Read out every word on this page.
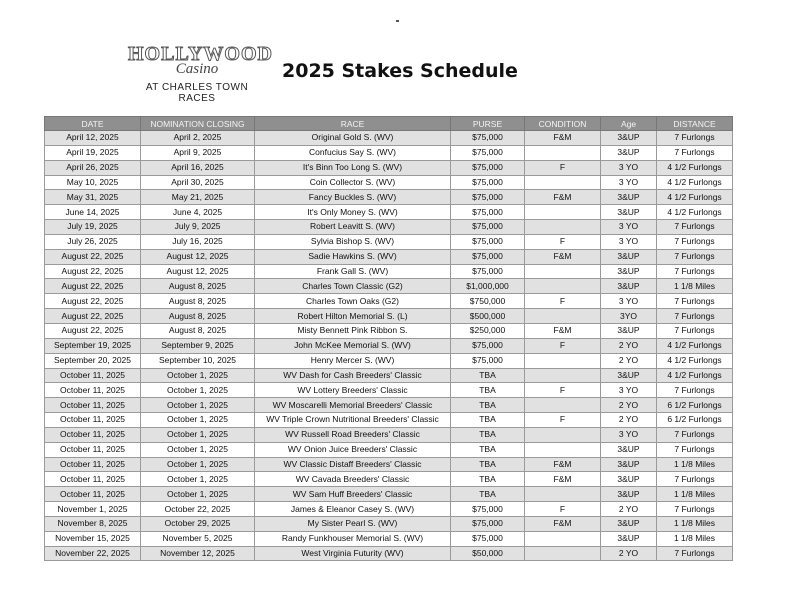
HOLLYWOOD
Casino
AT CHARLES TOWN RACES
2025 Stakes Schedule
DATE	NOMINATION CLOSING	RACE	PURSE	CONDITION	Age	DISTANCE
April 12, 2025	April 2, 2025	Original Gold S. (WV)	$75,000	F&M	3&UP	7 Furlongs
April 19, 2025	April 9, 2025	Confucius Say S. (WV)	$75,000		3&UP	7 Furlongs
April 26, 2025	April 16, 2025	It's Binn Too Long S. (WV)	$75,000	F	3 YO	4 1/2 Furlongs
May 10, 2025	April 30, 2025	Coin Collector S. (WV)	$75,000		3 YO	4 1/2 Furlongs
May 31, 2025	May 21, 2025	Fancy Buckles S. (WV)	$75,000	F&M	3&UP	4 1/2 Furlongs
June 14, 2025	June 4, 2025	It's Only Money S. (WV)	$75,000		3&UP	4 1/2 Furlongs
July 19, 2025	July 9, 2025	Robert Leavitt S. (WV)	$75,000		3 YO	7 Furlongs
July 26, 2025	July 16, 2025	Sylvia Bishop S. (WV)	$75,000	F	3 YO	7 Furlongs
August 22, 2025	August 12, 2025	Sadie Hawkins S. (WV)	$75,000	F&M	3&UP	7 Furlongs
August 22, 2025	August 12, 2025	Frank Gall S. (WV)	$75,000		3&UP	7 Furlongs
August 22, 2025	August 8, 2025	Charles Town Classic (G2)	$1,000,000		3&UP	1 1/8 Miles
August 22, 2025	August 8, 2025	Charles Town Oaks (G2)	$750,000	F	3 YO	7 Furlongs
August 22, 2025	August 8, 2025	Robert Hilton Memorial S. (L)	$500,000		3YO	7 Furlongs
August 22, 2025	August 8, 2025	Misty Bennett Pink Ribbon S.	$250,000	F&M	3&UP	7 Furlongs
September 19, 2025	September 9, 2025	John McKee Memorial S. (WV)	$75,000	F	2 YO	4 1/2 Furlongs
September 20, 2025	September 10, 2025	Henry Mercer S. (WV)	$75,000		2 YO	4 1/2 Furlongs
October 11, 2025	October 1, 2025	WV Dash for Cash Breeders' Classic	TBA		3&UP	4 1/2 Furlongs
October 11, 2025	October 1, 2025	WV Lottery Breeders' Classic	TBA	F	3 YO	7 Furlongs
October 11, 2025	October 1, 2025	WV Moscarelli Memorial Breeders' Classic	TBA		2 YO	6 1/2 Furlongs
October 11, 2025	October 1, 2025	WV Triple Crown Nutritional Breeders' Classic	TBA	F	2 YO	6 1/2 Furlongs
October 11, 2025	October 1, 2025	WV Russell Road Breeders' Classic	TBA		3 YO	7 Furlongs
October 11, 2025	October 1, 2025	WV Onion Juice Breeders' Classic	TBA		3&UP	7 Furlongs
October 11, 2025	October 1, 2025	WV Classic Distaff Breeders' Classic	TBA	F&M	3&UP	1 1/8 Miles
October 11, 2025	October 1, 2025	WV Cavada Breeders' Classic	TBA	F&M	3&UP	7 Furlongs
October 11, 2025	October 1, 2025	WV Sam Huff Breeders' Classic	TBA		3&UP	1 1/8 Miles
November 1, 2025	October 22, 2025	James & Eleanor Casey S. (WV)	$75,000	F	2 YO	7 Furlongs
November 8, 2025	October 29, 2025	My Sister Pearl S. (WV)	$75,000	F&M	3&UP	1 1/8 Miles
November 15, 2025	November 5, 2025	Randy Funkhouser Memorial S. (WV)	$75,000		3&UP	1 1/8 Miles
November 22, 2025	November 12, 2025	West Virginia Futurity (WV)	$50,000		2 YO	7 Furlongs
